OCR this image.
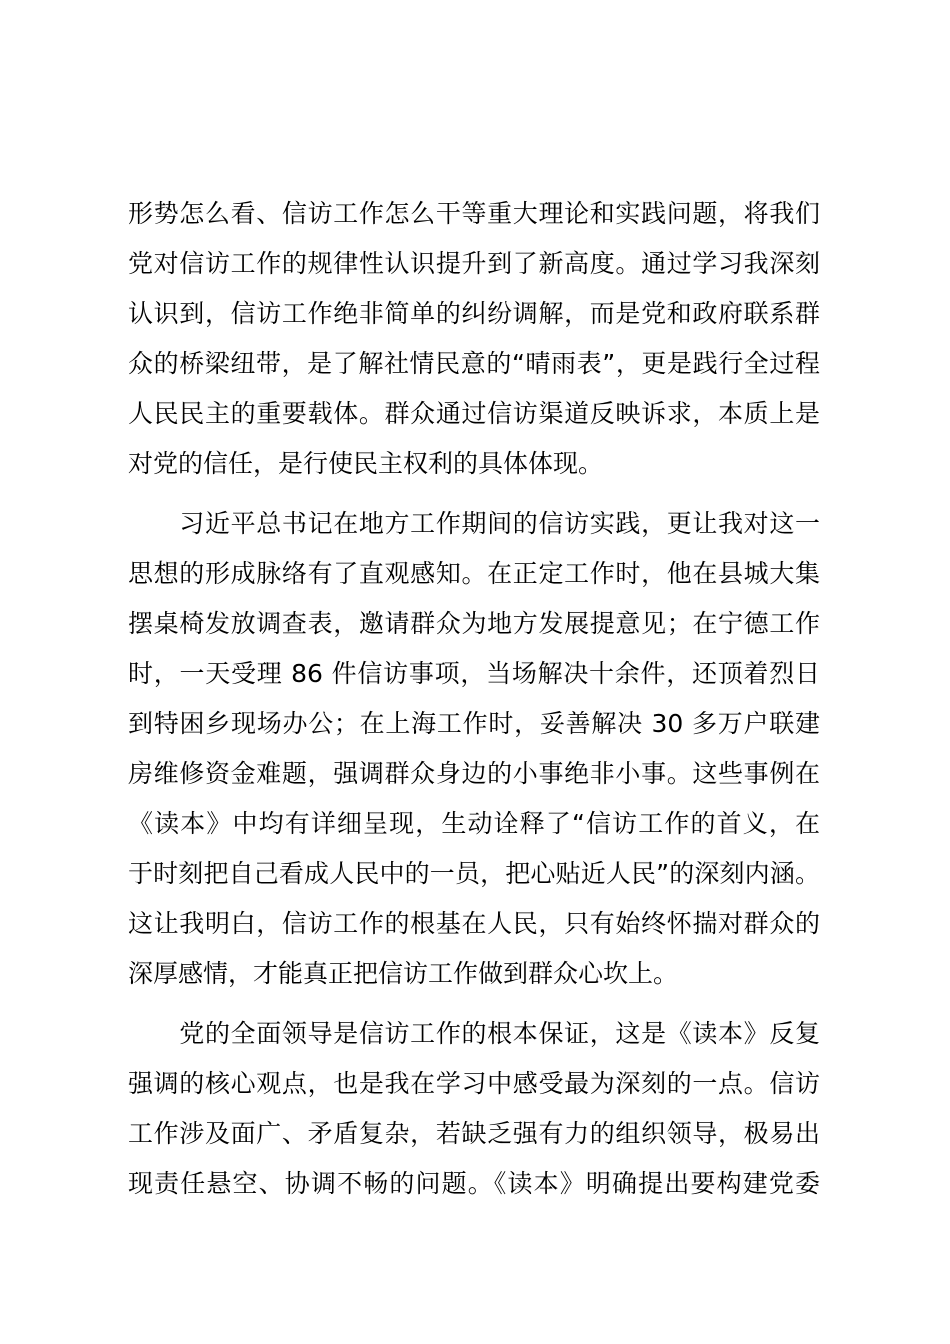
形势怎么看、信访工作怎么干等重大理论和实践问题，将我们
党对信访工作的规律性认识提升到了新高度。通过学习我深刻
认识到，信访工作绝非简单的纠纷调解，而是党和政府联系群
众的桥梁纽带，是了解社情民意的“晴雨表”，更是践行全过程
人民民主的重要载体。群众通过信访渠道反映诉求，本质上是
对党的信任，是行使民主权利的具体体现。
　　习近平总书记在地方工作期间的信访实践，更让我对这一
思想的形成脉络有了直观感知。在正定工作时，他在县城大集
摆桌椅发放调查表，邀请群众为地方发展提意见；在宁德工作
时，一天受理 86 件信访事项，当场解决十余件，还顶着烈日
到特困乡现场办公；在上海工作时，妥善解决 30 多万户联建
房维修资金难题，强调群众身边的小事绝非小事。这些事例在
《读本》中均有详细呈现，生动诠释了“信访工作的首义，在
于时刻把自己看成人民中的一员，把心贴近人民”的深刻内涵。
这让我明白，信访工作的根基在人民，只有始终怀揣对群众的
深厚感情，才能真正把信访工作做到群众心坎上。
　　党的全面领导是信访工作的根本保证，这是《读本》反复
强调的核心观点，也是我在学习中感受最为深刻的一点。信访
工作涉及面广、矛盾复杂，若缺乏强有力的组织领导，极易出
现责任悬空、协调不畅的问题。《读本》明确提出要构建党委
